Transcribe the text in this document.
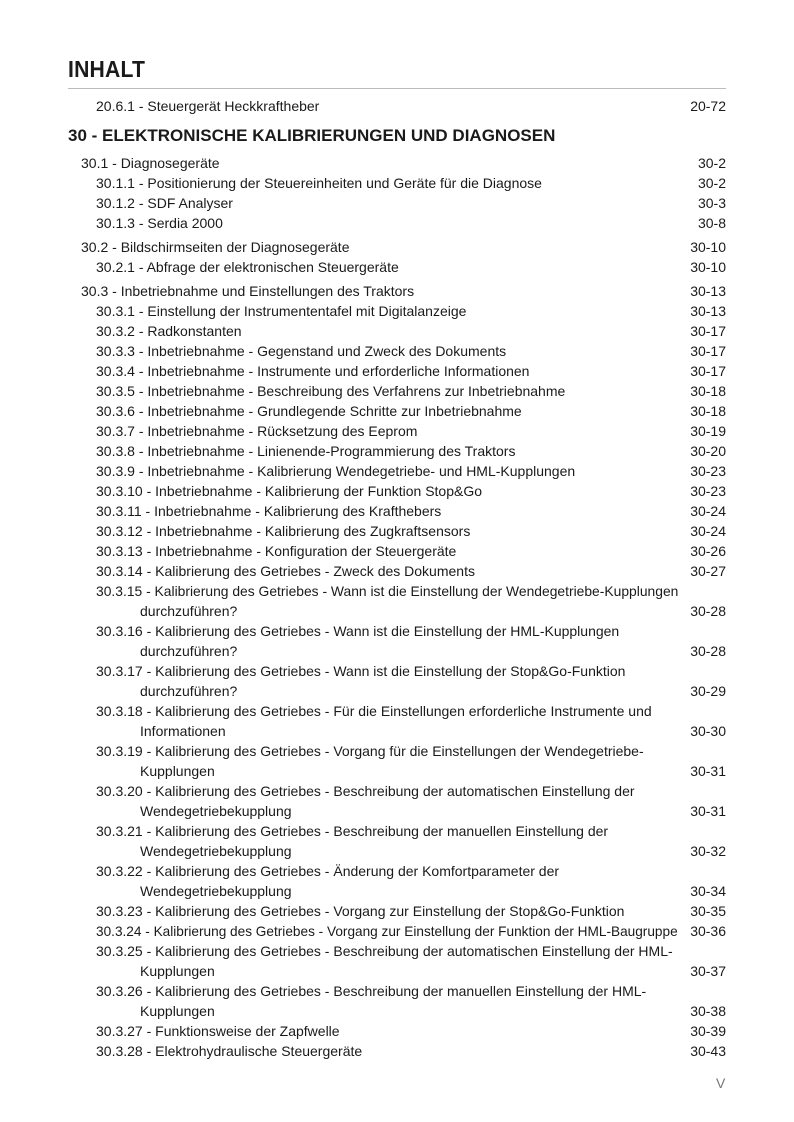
INHALT
20.6.1 - Steuergerät Heckkraftheber	20-72
30 - ELEKTRONISCHE KALIBRIERUNGEN UND DIAGNOSEN
30.1 - Diagnosegeräte	30-2
30.1.1 - Positionierung der Steuereinheiten und Geräte für die Diagnose	30-2
30.1.2 - SDF Analyser	30-3
30.1.3 - Serdia 2000	30-8
30.2 - Bildschirmseiten der Diagnosegeräte	30-10
30.2.1 - Abfrage der elektronischen Steuergeräte	30-10
30.3 - Inbetriebnahme und Einstellungen des Traktors	30-13
30.3.1 - Einstellung der Instrumententafel mit Digitalanzeige	30-13
30.3.2 - Radkonstanten	30-17
30.3.3 - Inbetriebnahme - Gegenstand und Zweck des Dokuments	30-17
30.3.4 - Inbetriebnahme - Instrumente und erforderliche Informationen	30-17
30.3.5 - Inbetriebnahme - Beschreibung des Verfahrens zur Inbetriebnahme	30-18
30.3.6 - Inbetriebnahme - Grundlegende Schritte zur Inbetriebnahme	30-18
30.3.7 - Inbetriebnahme - Rücksetzung des Eeprom	30-19
30.3.8 - Inbetriebnahme - Linienende-Programmierung des Traktors	30-20
30.3.9 - Inbetriebnahme - Kalibrierung Wendegetriebe- und HML-Kupplungen	30-23
30.3.10 - Inbetriebnahme - Kalibrierung der Funktion Stop&Go	30-23
30.3.11 - Inbetriebnahme - Kalibrierung des Krafthebers	30-24
30.3.12 - Inbetriebnahme - Kalibrierung des Zugkraftsensors	30-24
30.3.13 - Inbetriebnahme - Konfiguration der Steuergeräte	30-26
30.3.14 - Kalibrierung des Getriebes - Zweck des Dokuments	30-27
30.3.15 - Kalibrierung des Getriebes - Wann ist die Einstellung der Wendegetriebe-Kupplungen
durchzuführen?	30-28
30.3.16 - Kalibrierung des Getriebes - Wann ist die Einstellung der HML-Kupplungen
durchzuführen?	30-28
30.3.17 - Kalibrierung des Getriebes - Wann ist die Einstellung der Stop&Go-Funktion
durchzuführen?	30-29
30.3.18 - Kalibrierung des Getriebes - Für die Einstellungen erforderliche Instrumente und
Informationen	30-30
30.3.19 - Kalibrierung des Getriebes - Vorgang für die Einstellungen der Wendegetriebe-
Kupplungen	30-31
30.3.20 - Kalibrierung des Getriebes - Beschreibung der automatischen Einstellung der
Wendegetriebekupplung	30-31
30.3.21 - Kalibrierung des Getriebes - Beschreibung der manuellen Einstellung der
Wendegetriebekupplung	30-32
30.3.22 - Kalibrierung des Getriebes - Änderung der Komfortparameter der
Wendegetriebekupplung	30-34
30.3.23 - Kalibrierung des Getriebes - Vorgang zur Einstellung der Stop&Go-Funktion	30-35
30.3.24 - Kalibrierung des Getriebes - Vorgang zur Einstellung der Funktion der HML-Baugruppe 30-36
30.3.25 - Kalibrierung des Getriebes - Beschreibung der automatischen Einstellung der HML-
Kupplungen	30-37
30.3.26 - Kalibrierung des Getriebes - Beschreibung der manuellen Einstellung der HML-
Kupplungen	30-38
30.3.27 - Funktionsweise der Zapfwelle	30-39
30.3.28 - Elektrohydraulische Steuergeräte	30-43
V
